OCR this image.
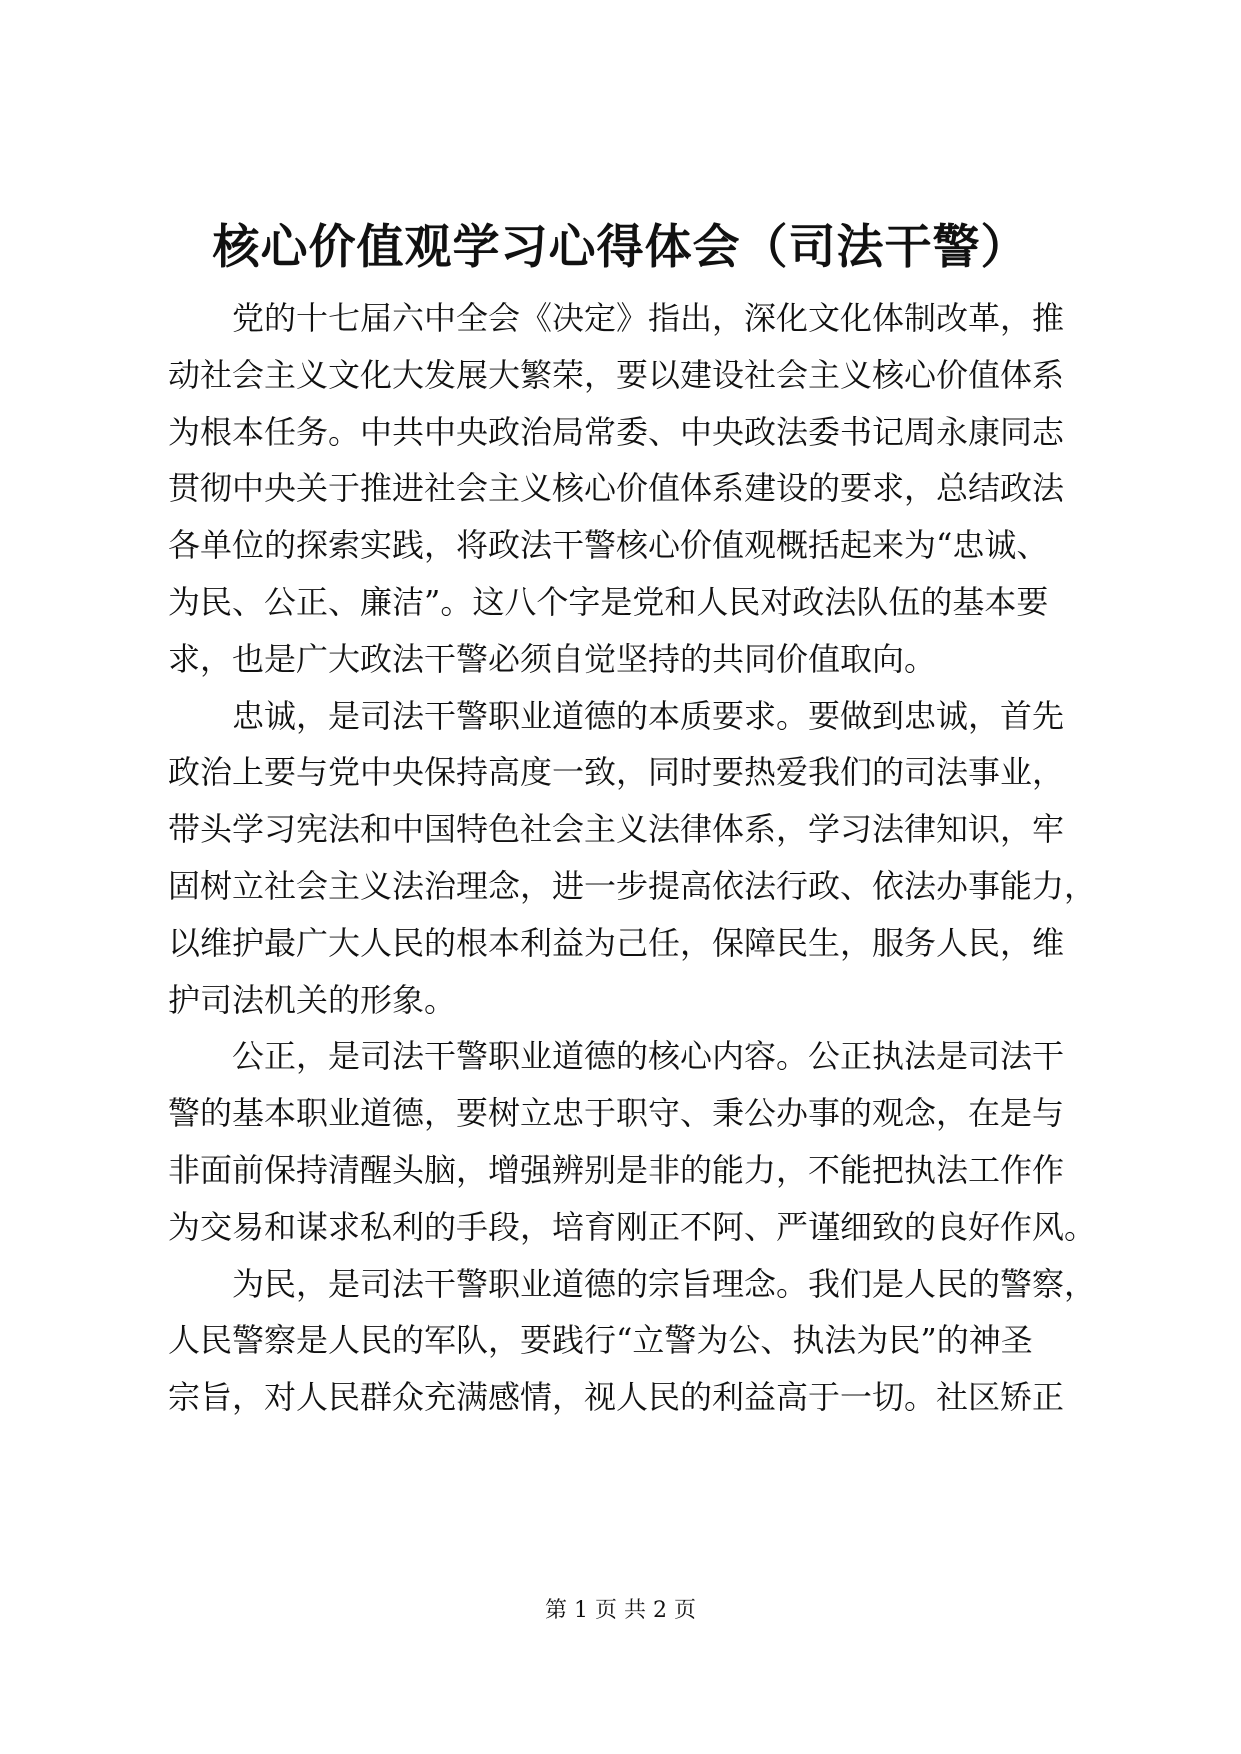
核心价值观学习心得体会（司法干警）
党的十七届六中全会《决定》指出，深化文化体制改革，推
动社会主义文化大发展大繁荣，要以建设社会主义核心价值体系
为根本任务。中共中央政治局常委、中央政法委书记周永康同志
贯彻中央关于推进社会主义核心价值体系建设的要求，总结政法
各单位的探索实践，将政法干警核心价值观概括起来为“忠诚、
为民、公正、廉洁”。这八个字是党和人民对政法队伍的基本要
求，也是广大政法干警必须自觉坚持的共同价值取向。
忠诚，是司法干警职业道德的本质要求。要做到忠诚，首先
政治上要与党中央保持高度一致，同时要热爱我们的司法事业，
带头学习宪法和中国特色社会主义法律体系，学习法律知识，牢
固树立社会主义法治理念，进一步提高依法行政、依法办事能力，
以维护最广大人民的根本利益为己任，保障民生，服务人民，维
护司法机关的形象。
公正，是司法干警职业道德的核心内容。公正执法是司法干
警的基本职业道德，要树立忠于职守、秉公办事的观念，在是与
非面前保持清醒头脑，增强辨别是非的能力，不能把执法工作作
为交易和谋求私利的手段，培育刚正不阿、严谨细致的良好作风。
为民，是司法干警职业道德的宗旨理念。我们是人民的警察，
人民警察是人民的军队，要践行“立警为公、执法为民”的神圣
宗旨，对人民群众充满感情，视人民的利益高于一切。社区矫正
第 1 页 共 2 页
